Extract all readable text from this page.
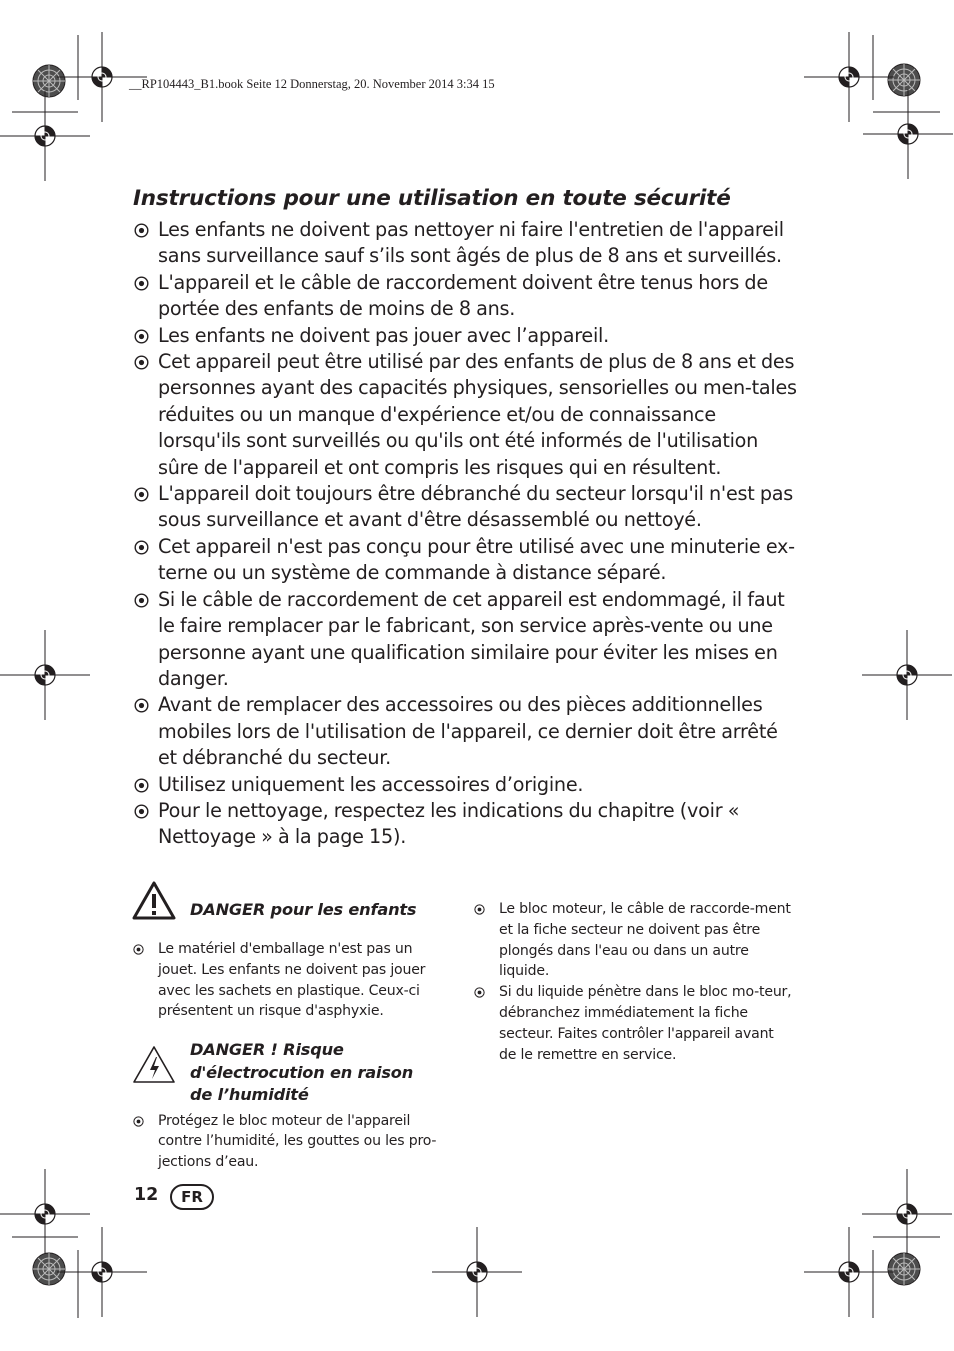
__RP104443_B1.book Seite 12 Donnerstag, 20. November 2014 3:34 15
Instructions pour une utilisation en toute sécurité
Les enfants ne doivent pas nettoyer ni faire l'entretien de l'appareil sans surveillance sauf s’ils sont âgés de plus de 8 ans et surveillés.
L'appareil et le câble de raccordement doivent être tenus hors de portée des enfants de moins de 8 ans.
Les enfants ne doivent pas jouer avec l’appareil.
Cet appareil peut être utilisé par des enfants de plus de 8 ans et des personnes ayant des capacités physiques, sensorielles ou men-tales réduites ou un manque d'expérience et/ou de connaissance lorsqu'ils sont surveillés ou qu'ils ont été informés de l'utilisation sûre de l'appareil et ont compris les risques qui en résultent.
L'appareil doit toujours être débranché du secteur lorsqu'il n'est pas sous surveillance et avant d'être désassemblé ou nettoyé.
Cet appareil n'est pas conçu pour être utilisé avec une minuterie ex-terne ou un système de commande à distance séparé.
Si le câble de raccordement de cet appareil est endommagé, il faut le faire remplacer par le fabricant, son service après-vente ou une personne ayant une qualification similaire pour éviter les mises en danger.
Avant de remplacer des accessoires ou des pièces additionnelles mobiles lors de l'utilisation de l'appareil, ce dernier doit être arrêté et débranché du secteur.
Utilisez uniquement les accessoires d’origine.
Pour le nettoyage, respectez les indications du chapitre (voir « Nettoyage » à la page 15).

DANGER pour les enfants

Le matériel d'emballage n'est pas un jouet. Les enfants ne doivent pas jouer avec les sachets en plastique. Ceux-ci présentent un risque d'asphyxie.

DANGER ! Risque
d'électrocution en raison
de l’humidité

Protégez le bloc moteur de l'appareil contre l’humidité, les gouttes ou les pro-jections d’eau.
Le bloc moteur, le câble de raccorde-ment et la fiche secteur ne doivent pas être plongés dans l'eau ou dans un autre liquide.
Si du liquide pénètre dans le bloc mo-teur, débranchez immédiatement la fiche secteur. Faites contrôler l'appareil avant de le remettre en service.
12	FR
